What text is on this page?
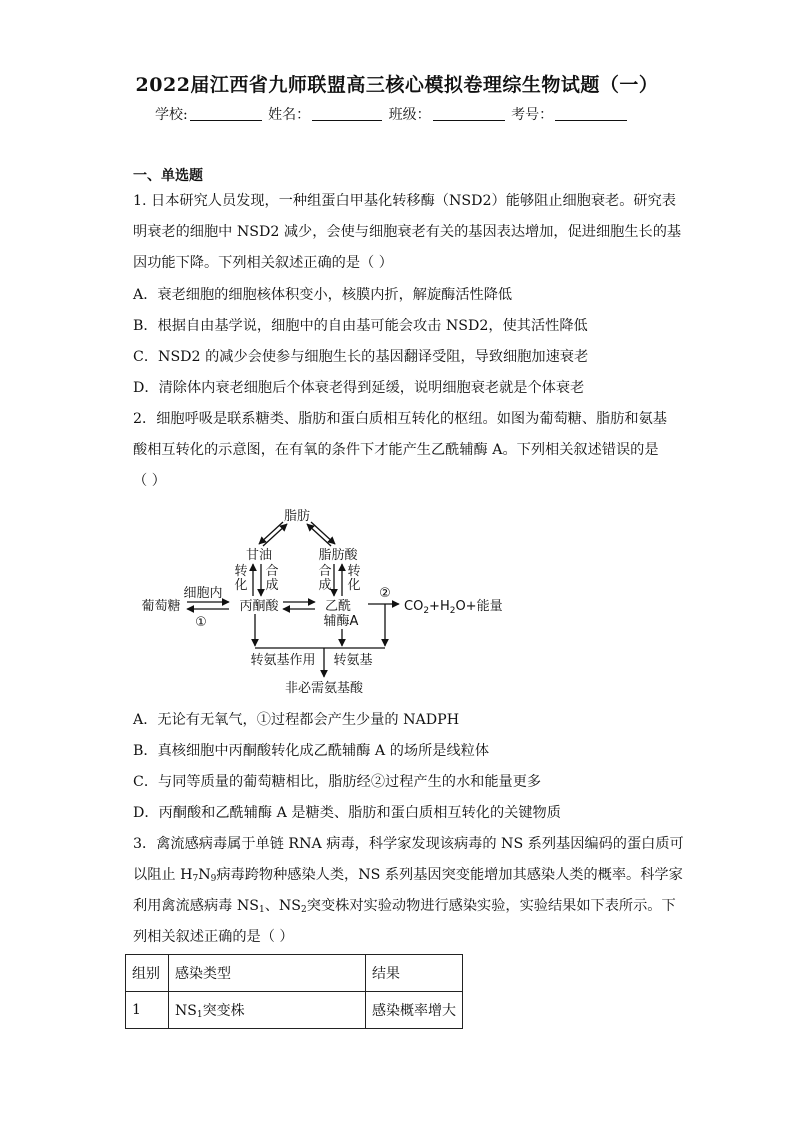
2022届江西省九师联盟高三核心模拟卷理综生物试题（一）
学校:	姓名：	班级：	考号：
一、单选题
1. 日本研究人员发现，一种组蛋白甲基化转移酶（NSD2）能够阻止细胞衰老。研究表
明衰老的细胞中 NSD2 减少，会使与细胞衰老有关的基因表达增加，促进细胞生长的基
因功能下降。下列相关叙述正确的是（ ）
A．衰老细胞的细胞核体积变小，核膜内折，解旋酶活性降低
B．根据自由基学说，细胞中的自由基可能会攻击 NSD2，使其活性降低
C．NSD2 的减少会使参与细胞生长的基因翻译受阻，导致细胞加速衰老
D．清除体内衰老细胞后个体衰老得到延缓，说明细胞衰老就是个体衰老
2．细胞呼吸是联系糖类、脂肪和蛋白质相互转化的枢纽。如图为葡萄糖、脂肪和氨基
酸相互转化的示意图，在有氧的条件下才能产生乙酰辅酶 A。下列相关叙述错误的是
（ ）
脂肪
甘油	脂肪酸
葡萄糖	丙酮酸	乙酰
辅酶A
细胞内
①
②
$CO_2+H_2O+$能量
转
化
合
成
合
成
转
化
转氨基作用 转氨基
非必需氨基酸
A．无论有无氧气，①过程都会产生少量的 NADPH
B．真核细胞中丙酮酸转化成乙酰辅酶 A 的场所是线粒体
C．与同等质量的葡萄糖相比，脂肪经②过程产生的水和能量更多
D．丙酮酸和乙酰辅酶 A 是糖类、脂肪和蛋白质相互转化的关键物质
3．禽流感病毒属于单链 RNA 病毒，科学家发现该病毒的 NS 系列基因编码的蛋白质可
以阻止 $H_7N_9$病毒跨物种感染人类，NS 系列基因突变能增加其感染人类的概率。科学家
利用禽流感病毒 $NS_1$、$NS_2$突变株对实验动物进行感染实验，实验结果如下表所示。下
列相关叙述正确的是（ ）
组别	感染类型	结果
1	$NS_1$突变株	感染概率增大
